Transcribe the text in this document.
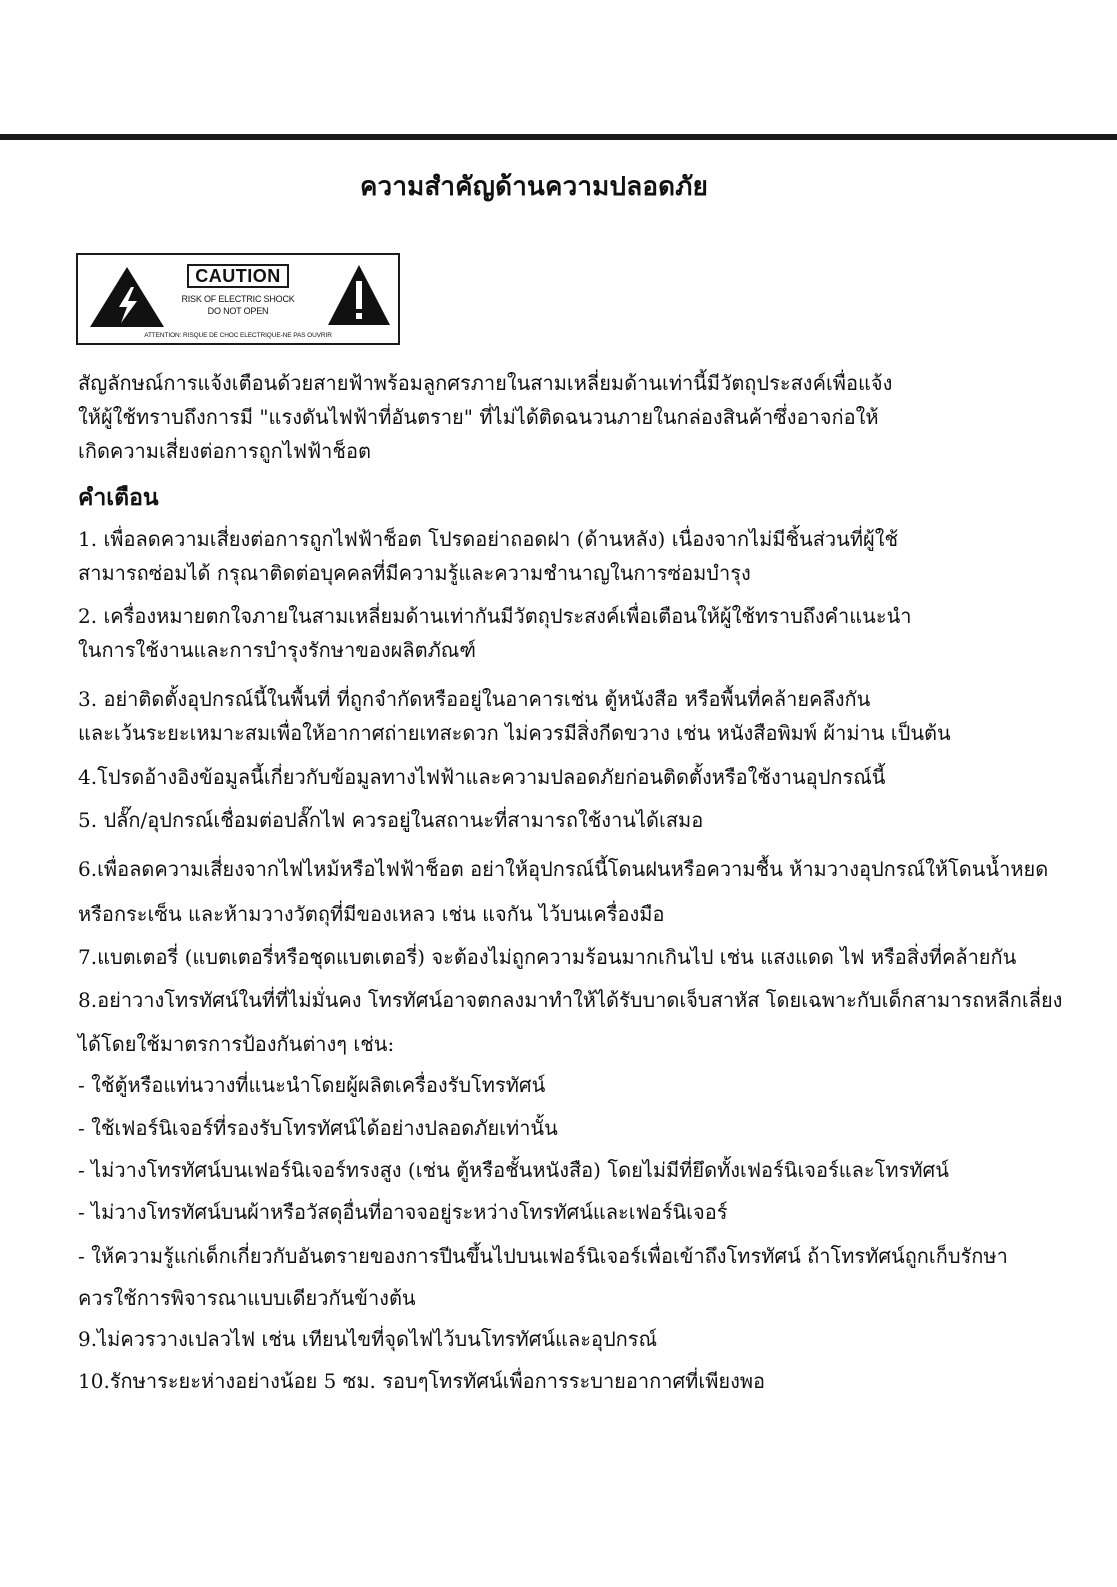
ความสำคัญด้านความปลอดภัย
CAUTION
RISK OF ELECTRIC SHOCK
DO NOT OPEN
ATTENTION: RISQUE DE CHOC ELECTRIQUE-NE PAS OUVRIR
สัญลักษณ์การแจ้งเตือนด้วยสายฟ้าพร้อมลูกศรภายในสามเหลี่ยมด้านเท่านี้มีวัตถุประสงค์เพื่อแจ้ง
ให้ผู้ใช้ทราบถึงการมี "แรงดันไฟฟ้าที่อันตราย" ที่ไม่ได้ติดฉนวนภายในกล่องสินค้าซึ่งอาจก่อให้
เกิดความเสี่ยงต่อการถูกไฟฟ้าช็อต
คำเตือน
1. เพื่อลดความเสี่ยงต่อการถูกไฟฟ้าช็อต โปรดอย่าถอดฝา (ด้านหลัง) เนื่องจากไม่มีชิ้นส่วนที่ผู้ใช้
สามารถซ่อมได้ กรุณาติดต่อบุคคลที่มีความรู้และความชำนาญในการซ่อมบำรุง
2. เครื่องหมายตกใจภายในสามเหลี่ยมด้านเท่ากันมีวัตถุประสงค์เพื่อเตือนให้ผู้ใช้ทราบถึงคำแนะนำ
ในการใช้งานและการบำรุงรักษาของผลิตภัณฑ์
3. อย่าติดตั้งอุปกรณ์นี้ในพื้นที่ ที่ถูกจำกัดหรืออยู่ในอาคารเช่น ตู้หนังสือ หรือพื้นที่คล้ายคลึงกัน
และเว้นระยะเหมาะสมเพื่อให้อากาศถ่ายเทสะดวก ไม่ควรมีสิ่งกีดขวาง เช่น หนังสือพิมพ์ ผ้าม่าน เป็นต้น
4.โปรดอ้างอิงข้อมูลนี้เกี่ยวกับข้อมูลทางไฟฟ้าและความปลอดภัยก่อนติดตั้งหรือใช้งานอุปกรณ์นี้
5. ปลั๊ก/อุปกรณ์เชื่อมต่อปลั๊กไฟ ควรอยู่ในสถานะที่สามารถใช้งานได้เสมอ
6.เพื่อลดความเสี่ยงจากไฟไหม้หรือไฟฟ้าช็อต อย่าให้อุปกรณ์นี้โดนฝนหรือความชื้น ห้ามวางอุปกรณ์ให้โดนน้ำหยด
หรือกระเซ็น และห้ามวางวัตถุที่มีของเหลว เช่น แจกัน ไว้บนเครื่องมือ
7.แบตเตอรี่ (แบตเตอรี่หรือชุดแบตเตอรี่) จะต้องไม่ถูกความร้อนมากเกินไป เช่น แสงแดด ไฟ หรือสิ่งที่คล้ายกัน
8.อย่าวางโทรทัศน์ในที่ที่ไม่มั่นคง โทรทัศน์อาจตกลงมาทำให้ได้รับบาดเจ็บสาหัส โดยเฉพาะกับเด็กสามารถหลีกเลี่ยง
ได้โดยใช้มาตรการป้องกันต่างๆ เช่น:
- ใช้ตู้หรือแท่นวางที่แนะนำโดยผู้ผลิตเครื่องรับโทรทัศน์
- ใช้เฟอร์นิเจอร์ที่รองรับโทรทัศน์ได้อย่างปลอดภัยเท่านั้น
- ไม่วางโทรทัศน์บนเฟอร์นิเจอร์ทรงสูง (เช่น ตู้หรือชั้นหนังสือ) โดยไม่มีที่ยึดทั้งเฟอร์นิเจอร์และโทรทัศน์
- ไม่วางโทรทัศน์บนผ้าหรือวัสดุอื่นที่อาจจอยู่ระหว่างโทรทัศน์และเฟอร์นิเจอร์
- ให้ความรู้แก่เด็กเกี่ยวกับอันตรายของการปีนขึ้นไปบนเฟอร์นิเจอร์เพื่อเข้าถึงโทรทัศน์ ถ้าโทรทัศน์ถูกเก็บรักษา
ควรใช้การพิจารณาแบบเดียวกันข้างต้น
9.ไม่ควรวางเปลวไฟ เช่น เทียนไขที่จุดไฟไว้บนโทรทัศน์และอุปกรณ์
10.รักษาระยะห่างอย่างน้อย 5 ซม. รอบๆโทรทัศน์เพื่อการระบายอากาศที่เพียงพอ
